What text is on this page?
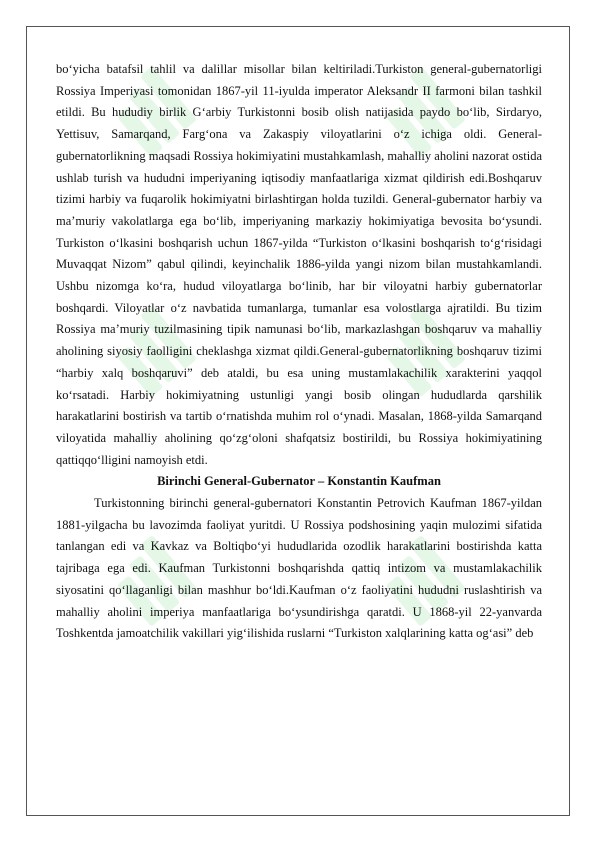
bo‘yicha batafsil tahlil va dalillar misollar bilan keltiriladi.Turkiston general-gubernatorligi Rossiya Imperiyasi tomonidan 1867-yil 11-iyulda imperator Aleksandr II farmoni bilan tashkil etildi. Bu hududiy birlik G‘arbiy Turkistonni bosib olish natijasida paydo bo‘lib, Sirdaryo, Yettisuv, Samarqand, Farg‘ona va Zakaspiy viloyatlarini o‘z ichiga oldi. General-gubernatorlikning maqsadi Rossiya hokimiyatini mustahkamlash, mahalliy aholini nazorat ostida ushlab turish va hududni imperiyaning iqtisodiy manfaatlariga xizmat qildirish edi.Boshqaruv tizimi harbiy va fuqarolik hokimiyatni birlashtirgan holda tuzildi. General-gubernator harbiy va ma’muriy vakolatlarga ega bo‘lib, imperiyaning markaziy hokimiyatiga bevosita bo‘ysundi. Turkiston o‘lkasini boshqarish uchun 1867-yilda “Turkiston o‘lkasini boshqarish to‘g‘risidagi Muvaqqat Nizom” qabul qilindi, keyinchalik 1886-yilda yangi nizom bilan mustahkamlandi. Ushbu nizomga ko‘ra, hudud viloyatlarga bo‘linib, har bir viloyatni harbiy gubernatorlar boshqardi. Viloyatlar o‘z navbatida tumanlarga, tumanlar esa volostlarga ajratildi. Bu tizim Rossiya ma’muriy tuzilmasining tipik namunasi bo‘lib, markazlashgan boshqaruv va mahalliy aholining siyosiy faolligini cheklashga xizmat qildi.General-gubernatorlikning boshqaruv tizimi “harbiy xalq boshqaruvi” deb ataldi, bu esa uning mustamlakachilik xarakterini yaqqol ko‘rsatadi. Harbiy hokimiyatning ustunligi yangi bosib olingan hududlarda qarshilik harakatlarini bostirish va tartib o‘rnatishda muhim rol o‘ynadi. Masalan, 1868-yilda Samarqand viloyatida mahalliy aholining qo‘zg‘oloni shafqatsiz bostirildi, bu Rossiya hokimiyatining qattiqqo‘lligini namoyish etdi.

Birinchi General-Gubernator – Konstantin Kaufman

Turkistonning birinchi general-gubernatori Konstantin Petrovich Kaufman 1867-yildan 1881-yilgacha bu lavozimda faoliyat yuritdi. U Rossiya podshosining yaqin mulozimi sifatida tanlangan edi va Kavkaz va Boltiqbo‘yi hududlarida ozodlik harakatlarini bostirishda katta tajribaga ega edi. Kaufman Turkistonni boshqarishda qattiq intizom va mustamlakachilik siyosatini qo‘llaganligi bilan mashhur bo‘ldi.Kaufman o‘z faoliyatini hududni ruslashtirish va mahalliy aholini imperiya manfaatlariga bo‘ysundirishga qaratdi. U 1868-yil 22-yanvarda Toshkentda jamoatchilik vakillari yig‘ilishida ruslarni “Turkiston xalqlarining katta og‘asi” deb
